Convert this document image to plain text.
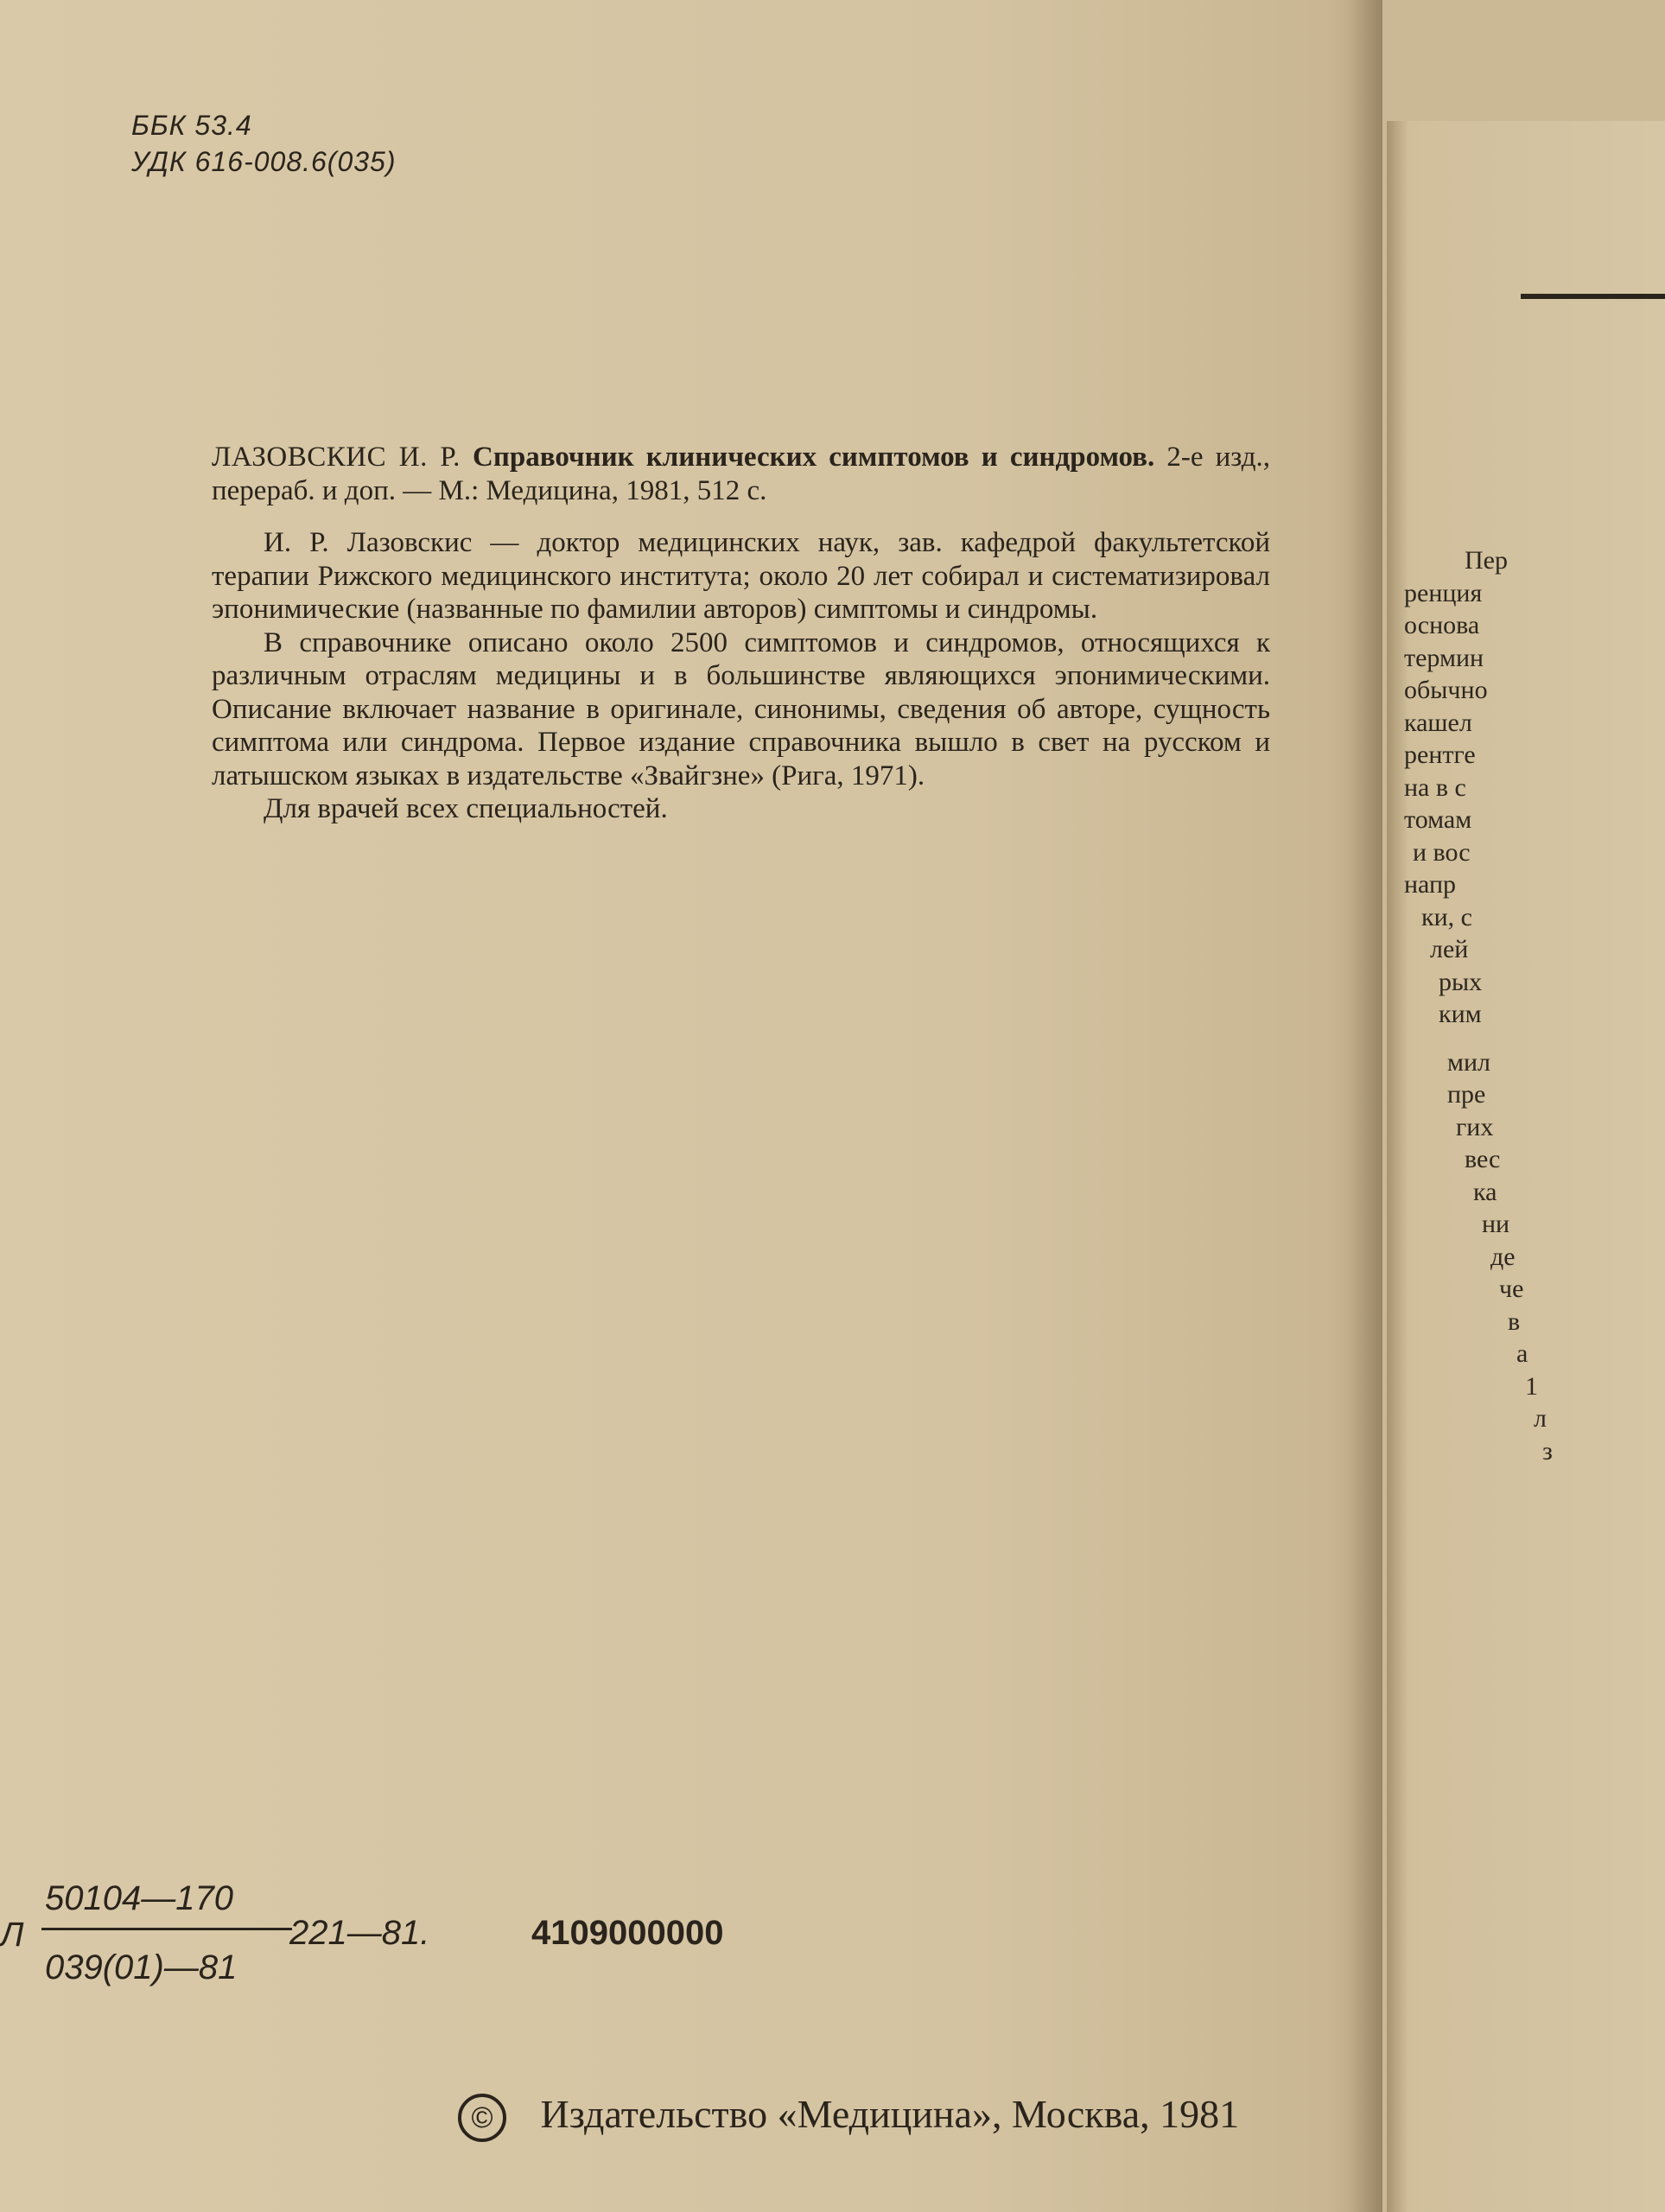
ББК 53.4
УДК 616-008.6(035)

ЛАЗОВСКИС И. Р. Справочник клинических симптомов и синдромов. 2-е изд., перераб. и доп. — М.: Медицина, 1981, 512 с.

И. Р. Лазовскис — доктор медицинских наук, зав. кафедрой факультетской терапии Рижского медицинского института; около 20 лет собирал и систематизировал эпонимические (названные по фамилии авторов) симптомы и синдромы.

В справочнике описано около 2500 симптомов и синдромов, относящихся к различным отраслям медицины и в большинстве являющихся эпонимическими. Описание включает название в оригинале, синонимы, сведения об авторе, сущность симптома или синдрома. Первое издание справочника вышло в свет на русском и латышском языках в издательстве «Звайгзне» (Рига, 1971).

Для врачей всех специальностей.

Л
50104—170
039(01)—81
221—81.	4109000000
© Издательство «Медицина», Москва, 1981
Пер
ренция
основа
термин
обычно
кашел
рентге
на в с
томам
и вос
напр
ки, с
лей
рых
ким
мил
пре
гих
вес
ка
ни
де
че
в
а
1
л
з
